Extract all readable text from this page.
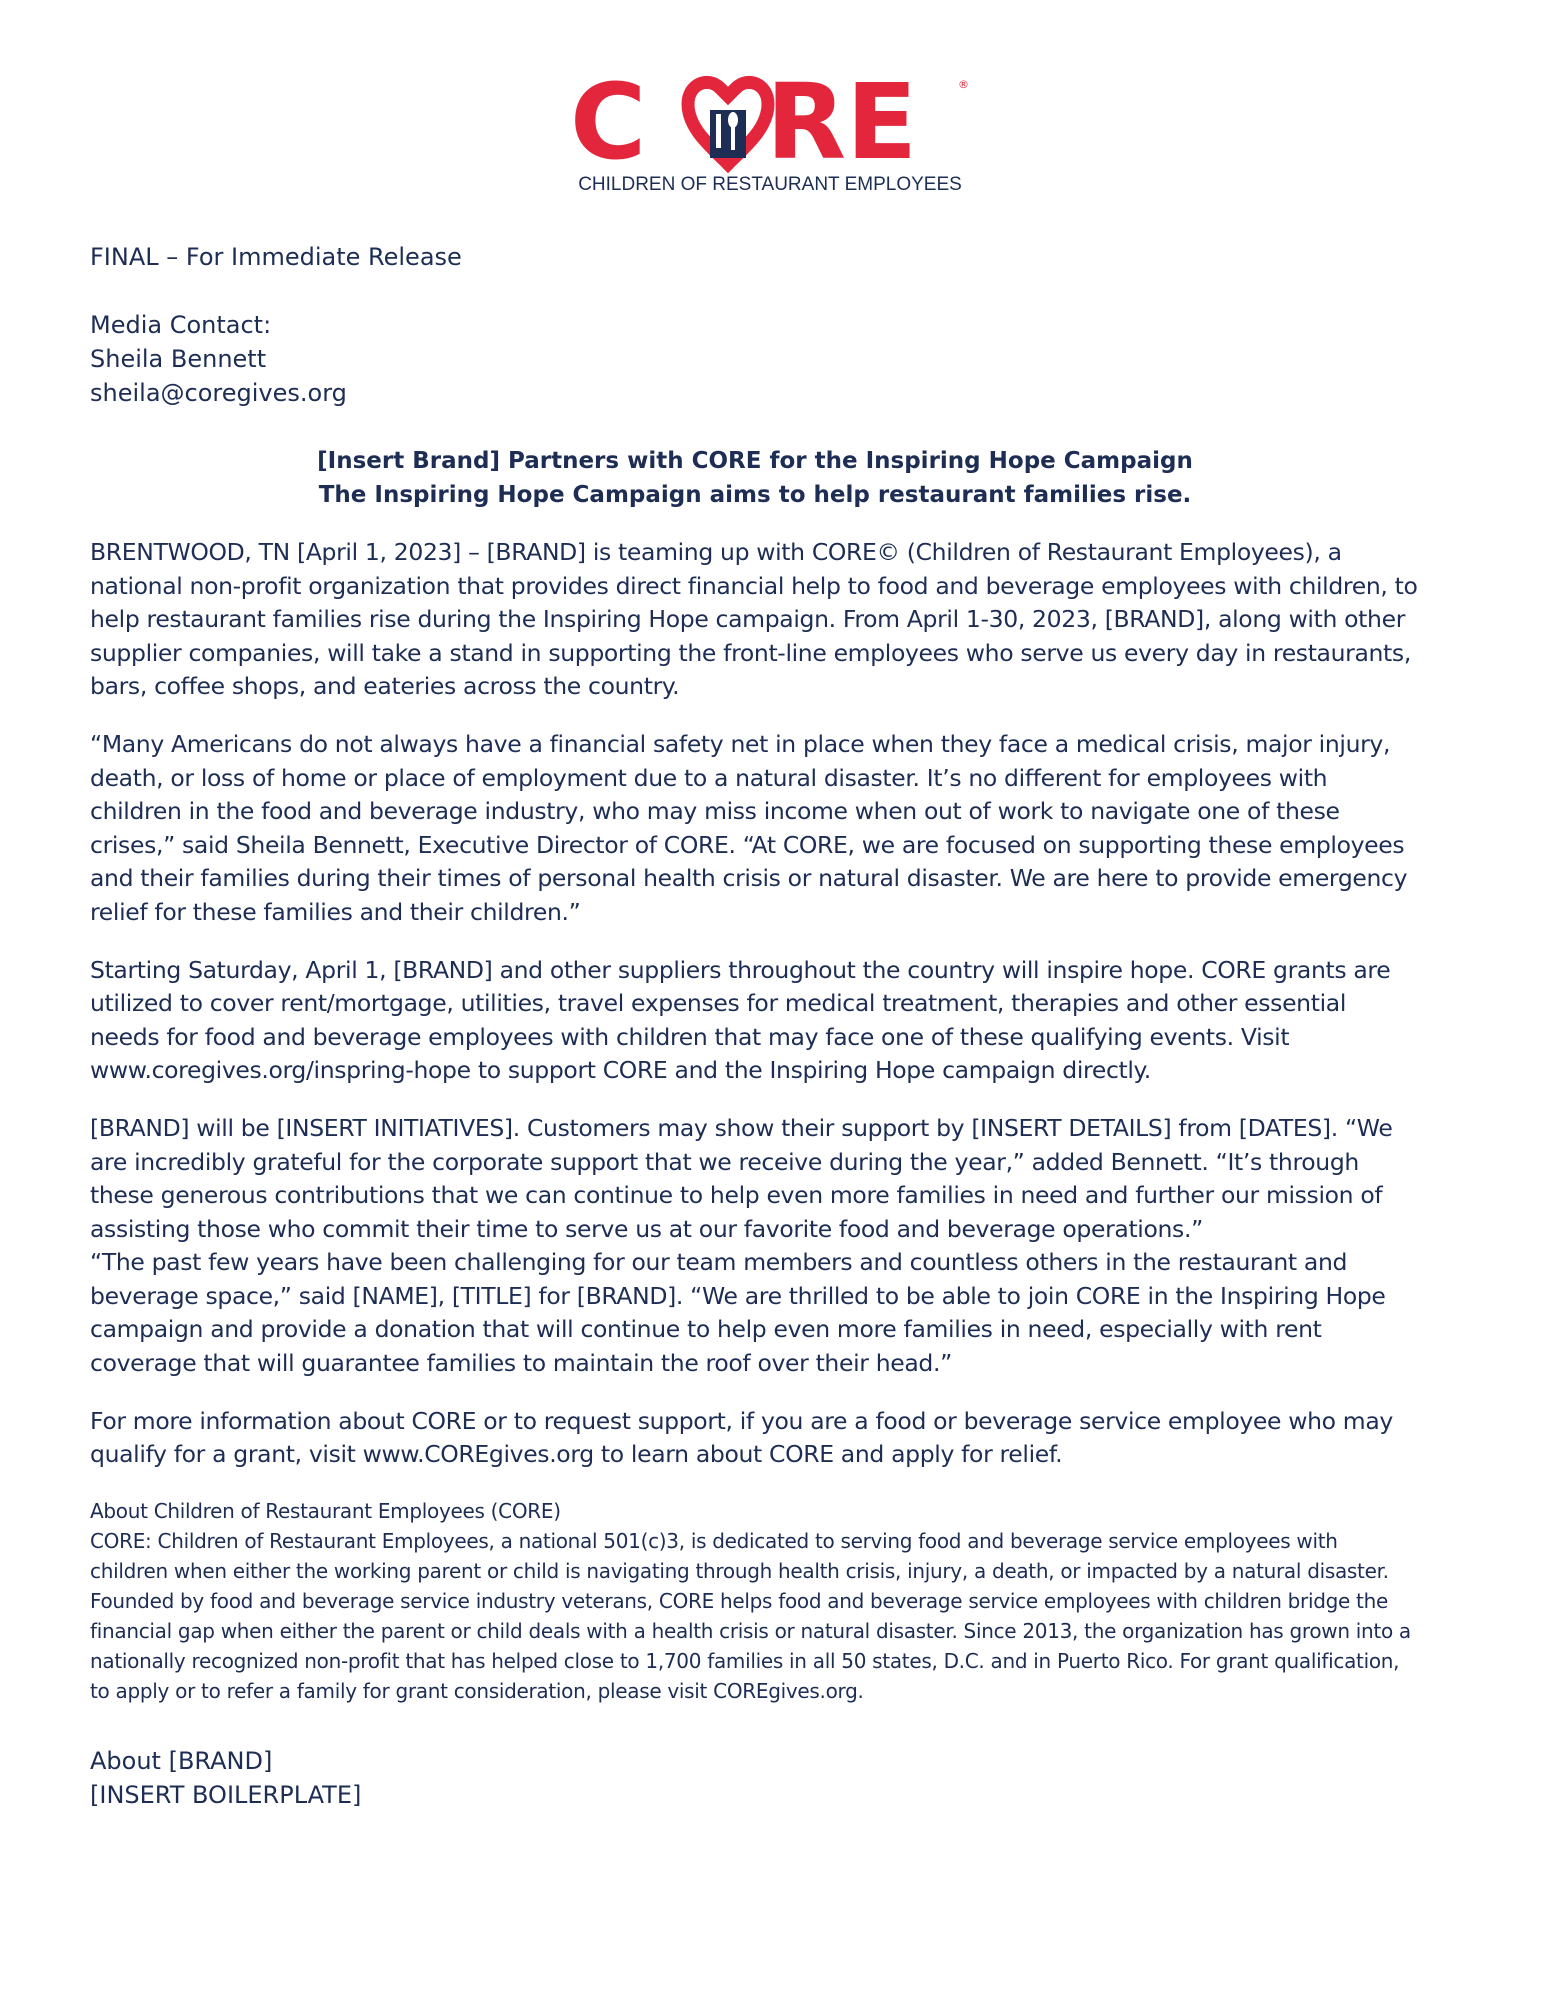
C RE	®
CHILDREN OF RESTAURANT EMPLOYEES

FINAL – For Immediate Release

Media Contact:

Sheila Bennett

sheila@coregives.org

[Insert Brand] Partners with CORE for the Inspiring Hope Campaign

The Inspiring Hope Campaign aims to help restaurant families rise.

BRENTWOOD, TN [April 1, 2023] – [BRAND] is teaming up with CORE© (Children of Restaurant Employees), a national non-profit organization that provides direct financial help to food and beverage employees with children, to help restaurant families rise during the Inspiring Hope campaign. From April 1-30, 2023, [BRAND], along with other supplier companies, will take a stand in supporting the front-line employees who serve us every day in restaurants, bars, coffee shops, and eateries across the country.

“Many Americans do not always have a financial safety net in place when they face a medical crisis, major injury, death, or loss of home or place of employment due to a natural disaster. It’s no different for employees with children in the food and beverage industry, who may miss income when out of work to navigate one of these crises,” said Sheila Bennett, Executive Director of CORE. “At CORE, we are focused on supporting these employees and their families during their times of personal health crisis or natural disaster. We are here to provide emergency relief for these families and their children.”

Starting Saturday, April 1, [BRAND] and other suppliers throughout the country will inspire hope. CORE grants are utilized to cover rent/mortgage, utilities, travel expenses for medical treatment, therapies and other essential needs for food and beverage employees with children that may face one of these qualifying events. Visit www.coregives.org/inspring-hope to support CORE and the Inspiring Hope campaign directly.

[BRAND] will be [INSERT INITIATIVES]. Customers may show their support by [INSERT DETAILS] from [DATES]. “We are incredibly grateful for the corporate support that we receive during the year,” added Bennett. “It’s through these generous contributions that we can continue to help even more families in need and further our mission of assisting those who commit their time to serve us at our favorite food and beverage operations.”

“The past few years have been challenging for our team members and countless others in the restaurant and beverage space,” said [NAME], [TITLE] for [BRAND]. “We are thrilled to be able to join CORE in the Inspiring Hope campaign and provide a donation that will continue to help even more families in need, especially with rent coverage that will guarantee families to maintain the roof over their head.”

For more information about CORE or to request support, if you are a food or beverage service employee who may qualify for a grant, visit www.COREgives.org to learn about CORE and apply for relief.

About Children of Restaurant Employees (CORE)

CORE: Children of Restaurant Employees, a national 501(c)3, is dedicated to serving food and beverage service employees with children when either the working parent or child is navigating through health crisis, injury, a death, or impacted by a natural disaster. Founded by food and beverage service industry veterans, CORE helps food and beverage service employees with children bridge the financial gap when either the parent or child deals with a health crisis or natural disaster. Since 2013, the organization has grown into a nationally recognized non-profit that has helped close to 1,700 families in all 50 states, D.C. and in Puerto Rico. For grant qualification, to apply or to refer a family for grant consideration, please visit COREgives.org.

About [BRAND]

[INSERT BOILERPLATE]
